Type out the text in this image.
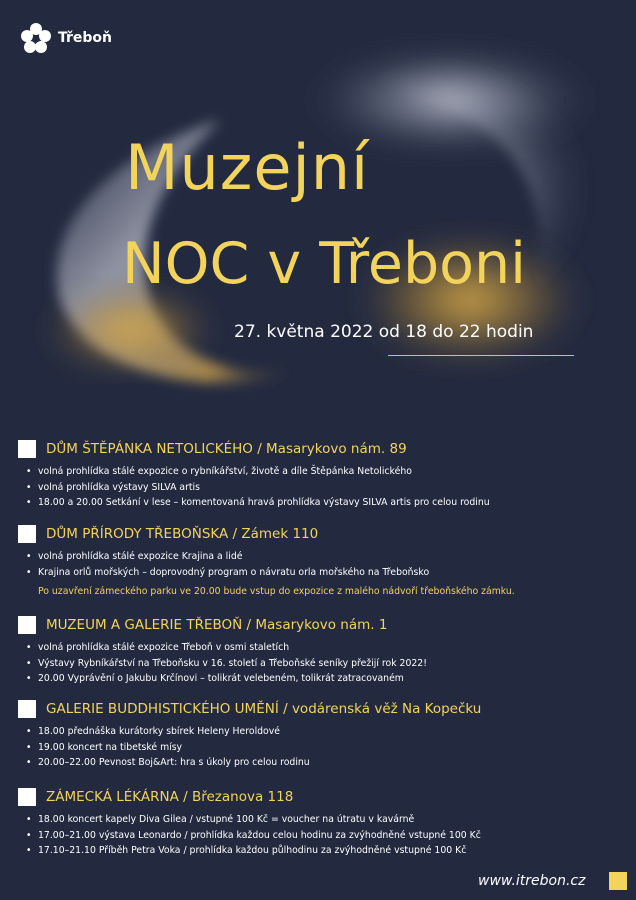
Třeboň
Muzejní
NOC v Třeboni
27. května 2022 od 18 do 22 hodin
DŮM ŠTĚPÁNKA NETOLICKÉHO / Masarykovo nám. 89
• volná prohlídka stálé expozice o rybníkářství, životě a díle Štěpánka Netolického
• volná prohlídka výstavy SILVA artis
• 18.00 a 20.00 Setkání v lese – komentovaná hravá prohlídka výstavy SILVA artis pro celou rodinu
DŮM PŘÍRODY TŘEBOŇSKA / Zámek 110
• volná prohlídka stálé expozice Krajina a lidé
• Krajina orlů mořských – doprovodný program o návratu orla mořského na Třeboňsko
Po uzavření zámeckého parku ve 20.00 bude vstup do expozice z malého nádvoří třeboňského zámku.
MUZEUM A GALERIE TŘEBOŇ / Masarykovo nám. 1
• volná prohlídka stálé expozice Třeboň v osmi staletích
• Výstavy Rybníkářství na Třeboňsku v 16. století a Třeboňské seníky přežijí rok 2022!
• 20.00 Vyprávění o Jakubu Krčínovi – tolikrát velebeném, tolikrát zatracovaném
GALERIE BUDDHISTICKÉHO UMĚNÍ / vodárenská věž Na Kopečku
• 18.00 přednáška kurátorky sbírek Heleny Heroldové
• 19.00 koncert na tibetské mísy
• 20.00–22.00 Pevnost Boj&Art: hra s úkoly pro celou rodinu
ZÁMECKÁ LÉKÁRNA / Březanova 118
• 18.00 koncert kapely Diva Gilea / vstupné 100 Kč = voucher na útratu v kavárně
• 17.00–21.00 výstava Leonardo / prohlídka každou celou hodinu za zvýhodněné vstupné 100 Kč
• 17.10–21.10 Příběh Petra Voka / prohlídka každou půlhodinu za zvýhodněné vstupné 100 Kč
www.itrebon.cz
